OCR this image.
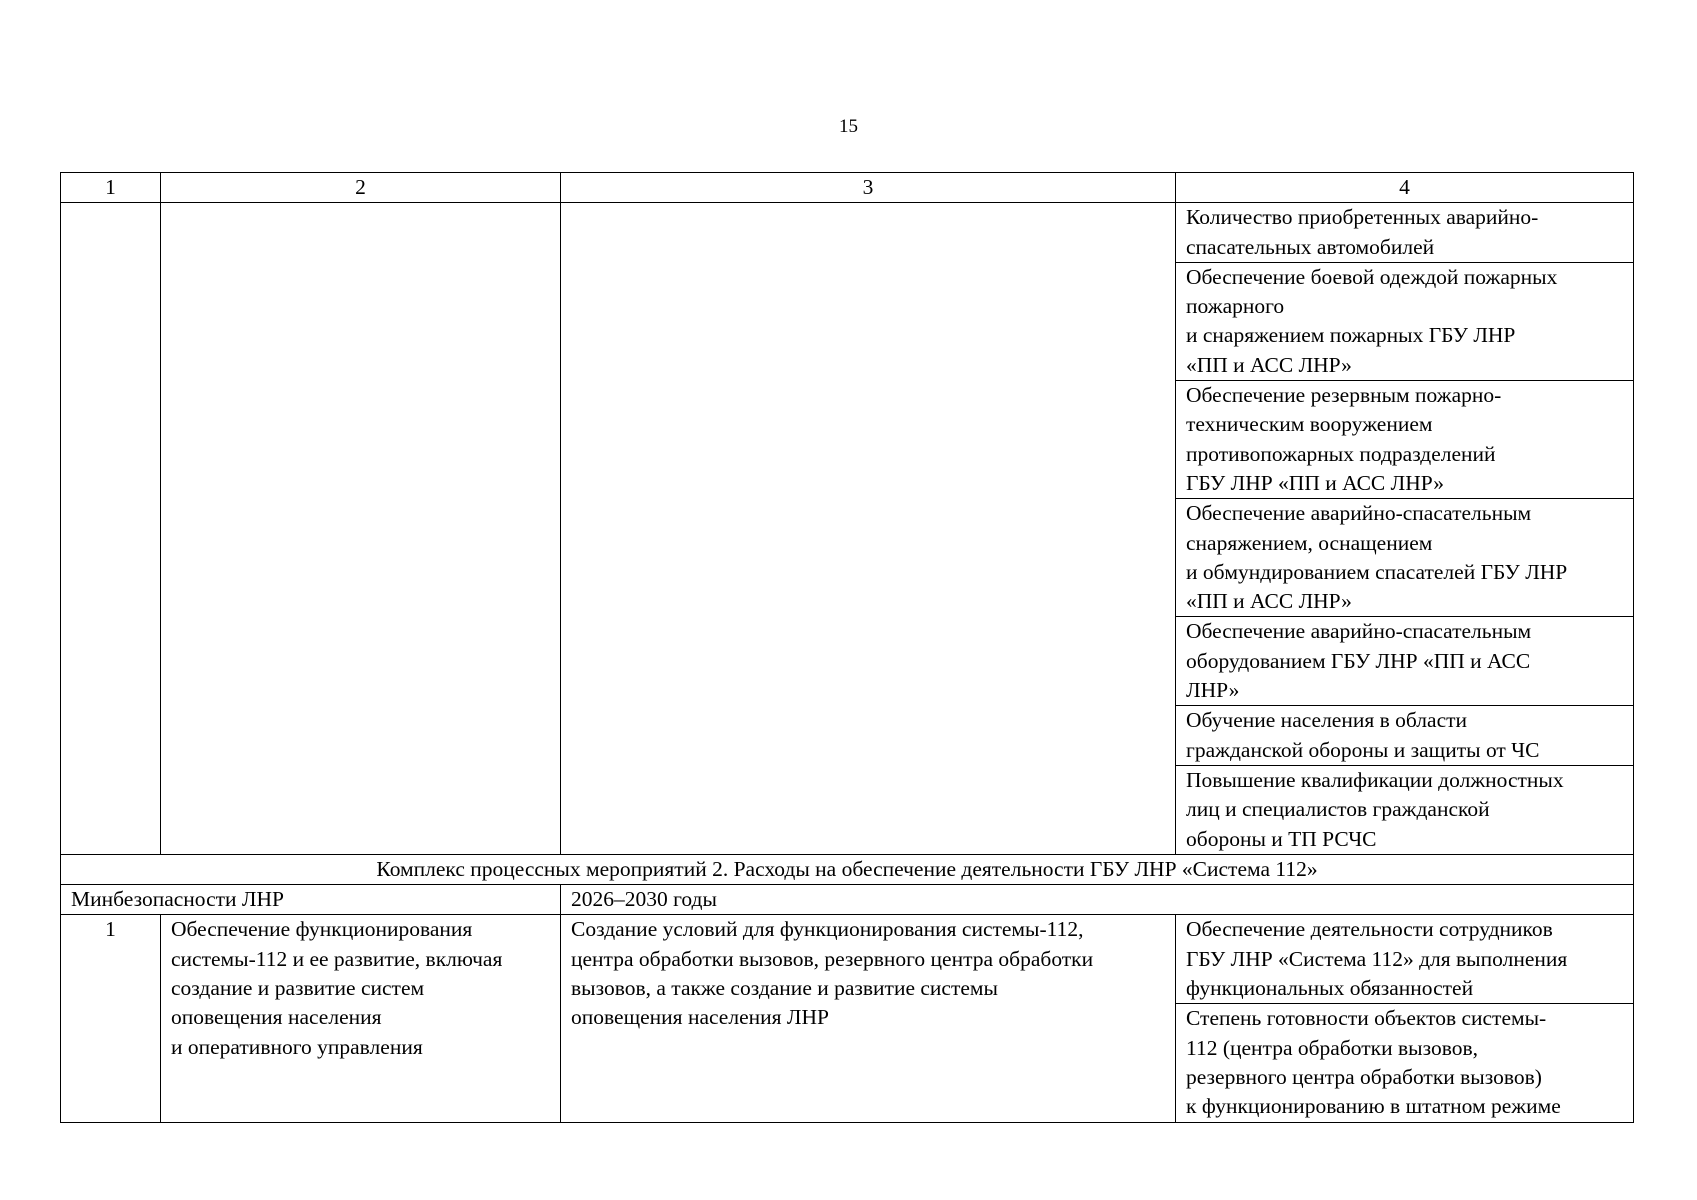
15
1	2	3	4

			Количество приобретенных аварийно-
спасательных автомобилей

			Обеспечение боевой одеждой пожарных
пожарного
и снаряжением пожарных ГБУ ЛНР
«ПП и АСС ЛНР»

			Обеспечение резервным пожарно-
техническим вооружением
противопожарных подразделений
ГБУ ЛНР «ПП и АСС ЛНР»

			Обеспечение аварийно-спасательным
снаряжением, оснащением
и обмундированием спасателей ГБУ ЛНР
«ПП и АСС ЛНР»

			Обеспечение аварийно-спасательным
оборудованием ГБУ ЛНР «ПП и АСС
ЛНР»

			Обучение населения в области
гражданской обороны и защиты от ЧС

			Повышение квалификации должностных
лиц и специалистов гражданской
обороны и ТП РСЧС

Комплекс процессных мероприятий 2. Расходы на обеспечение деятельности ГБУ ЛНР «Система 112»			
Минбезопасности ЛНР		2026–2030 годы	
1	Обеспечение функционирования
системы-112 и ее развитие, включая
создание и развитие систем
оповещения населения
и оперативного управления	Создание условий для функционирования системы-112,
центра обработки вызовов, резервного центра обработки
вызовов, а также создание и развитие системы
оповещения населения ЛНР	Обеспечение деятельности сотрудников
ГБУ ЛНР «Система 112» для выполнения
функциональных обязанностей

			Степень готовности объектов системы-
112 (центра обработки вызовов,
резервного центра обработки вызовов)
к функционированию в штатном режиме
